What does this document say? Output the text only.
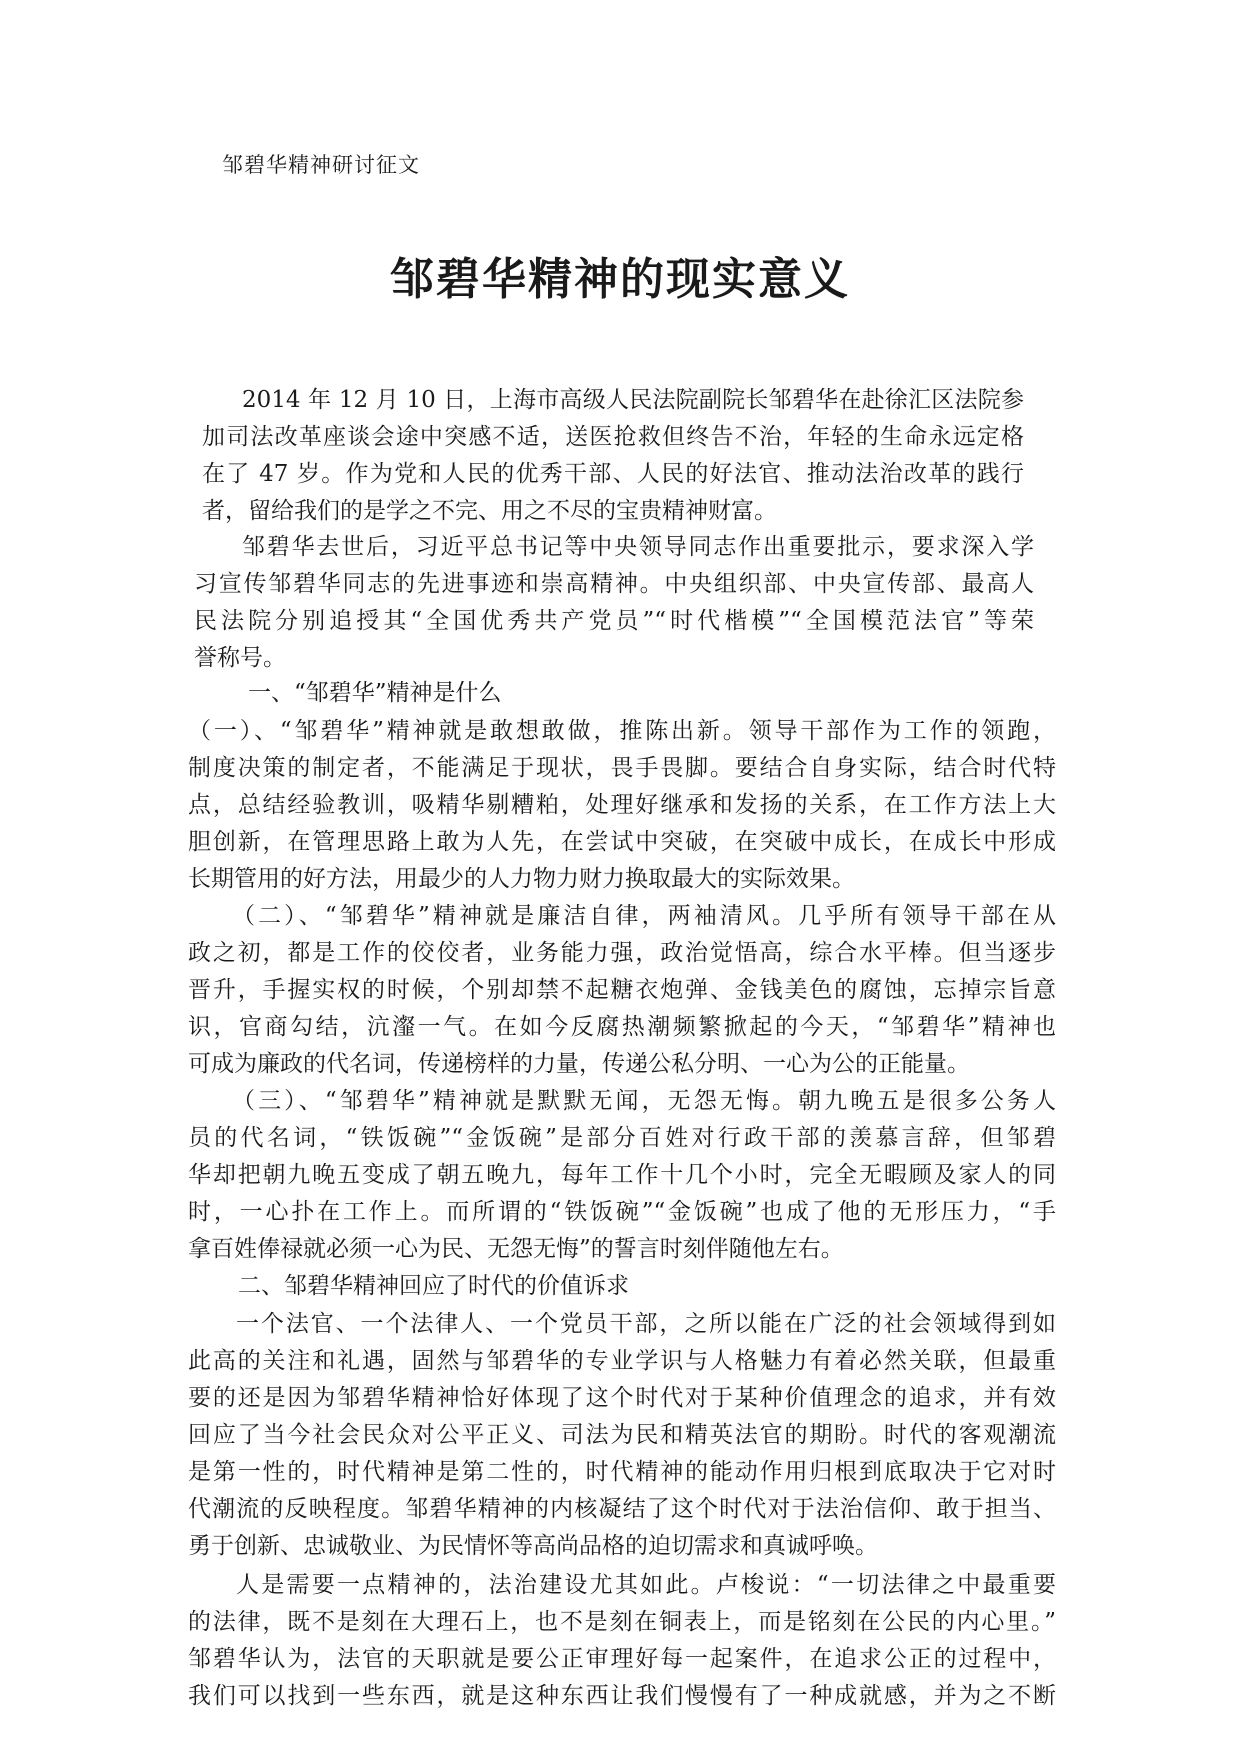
邹碧华精神研讨征文
邹碧华精神的现实意义
2014 年 12 月 10 日，上海市高级人民法院副院长邹碧华在赴徐汇区法院参
加司法改革座谈会途中突感不适，送医抢救但终告不治，年轻的生命永远定格
在了 47 岁。作为党和人民的优秀干部、人民的好法官、推动法治改革的践行
者，留给我们的是学之不完、用之不尽的宝贵精神财富。
邹碧华去世后，习近平总书记等中央领导同志作出重要批示，要求深入学
习宣传邹碧华同志的先进事迹和崇高精神。中央组织部、中央宣传部、最高人
民法院分别追授其“全国优秀共产党员”“时代楷模”“全国模范法官”等荣
誉称号。
一、“邹碧华”精神是什么
（一）、“邹碧华”精神就是敢想敢做，推陈出新。领导干部作为工作的领跑，
制度决策的制定者，不能满足于现状，畏手畏脚。要结合自身实际，结合时代特
点，总结经验教训，吸精华剔糟粕，处理好继承和发扬的关系，在工作方法上大
胆创新，在管理思路上敢为人先，在尝试中突破，在突破中成长，在成长中形成
长期管用的好方法，用最少的人力物力财力换取最大的实际效果。
（二）、“邹碧华”精神就是廉洁自律，两袖清风。几乎所有领导干部在从
政之初，都是工作的佼佼者，业务能力强，政治觉悟高，综合水平棒。但当逐步
晋升，手握实权的时候，个别却禁不起糖衣炮弹、金钱美色的腐蚀，忘掉宗旨意
识，官商勾结，沆瀣一气。在如今反腐热潮频繁掀起的今天，“邹碧华”精神也
可成为廉政的代名词，传递榜样的力量，传递公私分明、一心为公的正能量。
（三）、“邹碧华”精神就是默默无闻，无怨无悔。朝九晚五是很多公务人
员的代名词，“铁饭碗”“金饭碗”是部分百姓对行政干部的羡慕言辞，但邹碧
华却把朝九晚五变成了朝五晚九，每年工作十几个小时，完全无暇顾及家人的同
时，一心扑在工作上。而所谓的“铁饭碗”“金饭碗”也成了他的无形压力，“手
拿百姓俸禄就必须一心为民、无怨无悔”的誓言时刻伴随他左右。
二、邹碧华精神回应了时代的价值诉求
一个法官、一个法律人、一个党员干部，之所以能在广泛的社会领域得到如
此高的关注和礼遇，固然与邹碧华的专业学识与人格魅力有着必然关联，但最重
要的还是因为邹碧华精神恰好体现了这个时代对于某种价值理念的追求，并有效
回应了当今社会民众对公平正义、司法为民和精英法官的期盼。时代的客观潮流
是第一性的，时代精神是第二性的，时代精神的能动作用归根到底取决于它对时
代潮流的反映程度。邹碧华精神的内核凝结了这个时代对于法治信仰、敢于担当、
勇于创新、忠诚敬业、为民情怀等高尚品格的迫切需求和真诚呼唤。
人是需要一点精神的，法治建设尤其如此。卢梭说：“一切法律之中最重要
的法律，既不是刻在大理石上，也不是刻在铜表上，而是铭刻在公民的内心里。”
邹碧华认为，法官的天职就是要公正审理好每一起案件，在追求公正的过程中，
我们可以找到一些东西，就是这种东西让我们慢慢有了一种成就感，并为之不断
